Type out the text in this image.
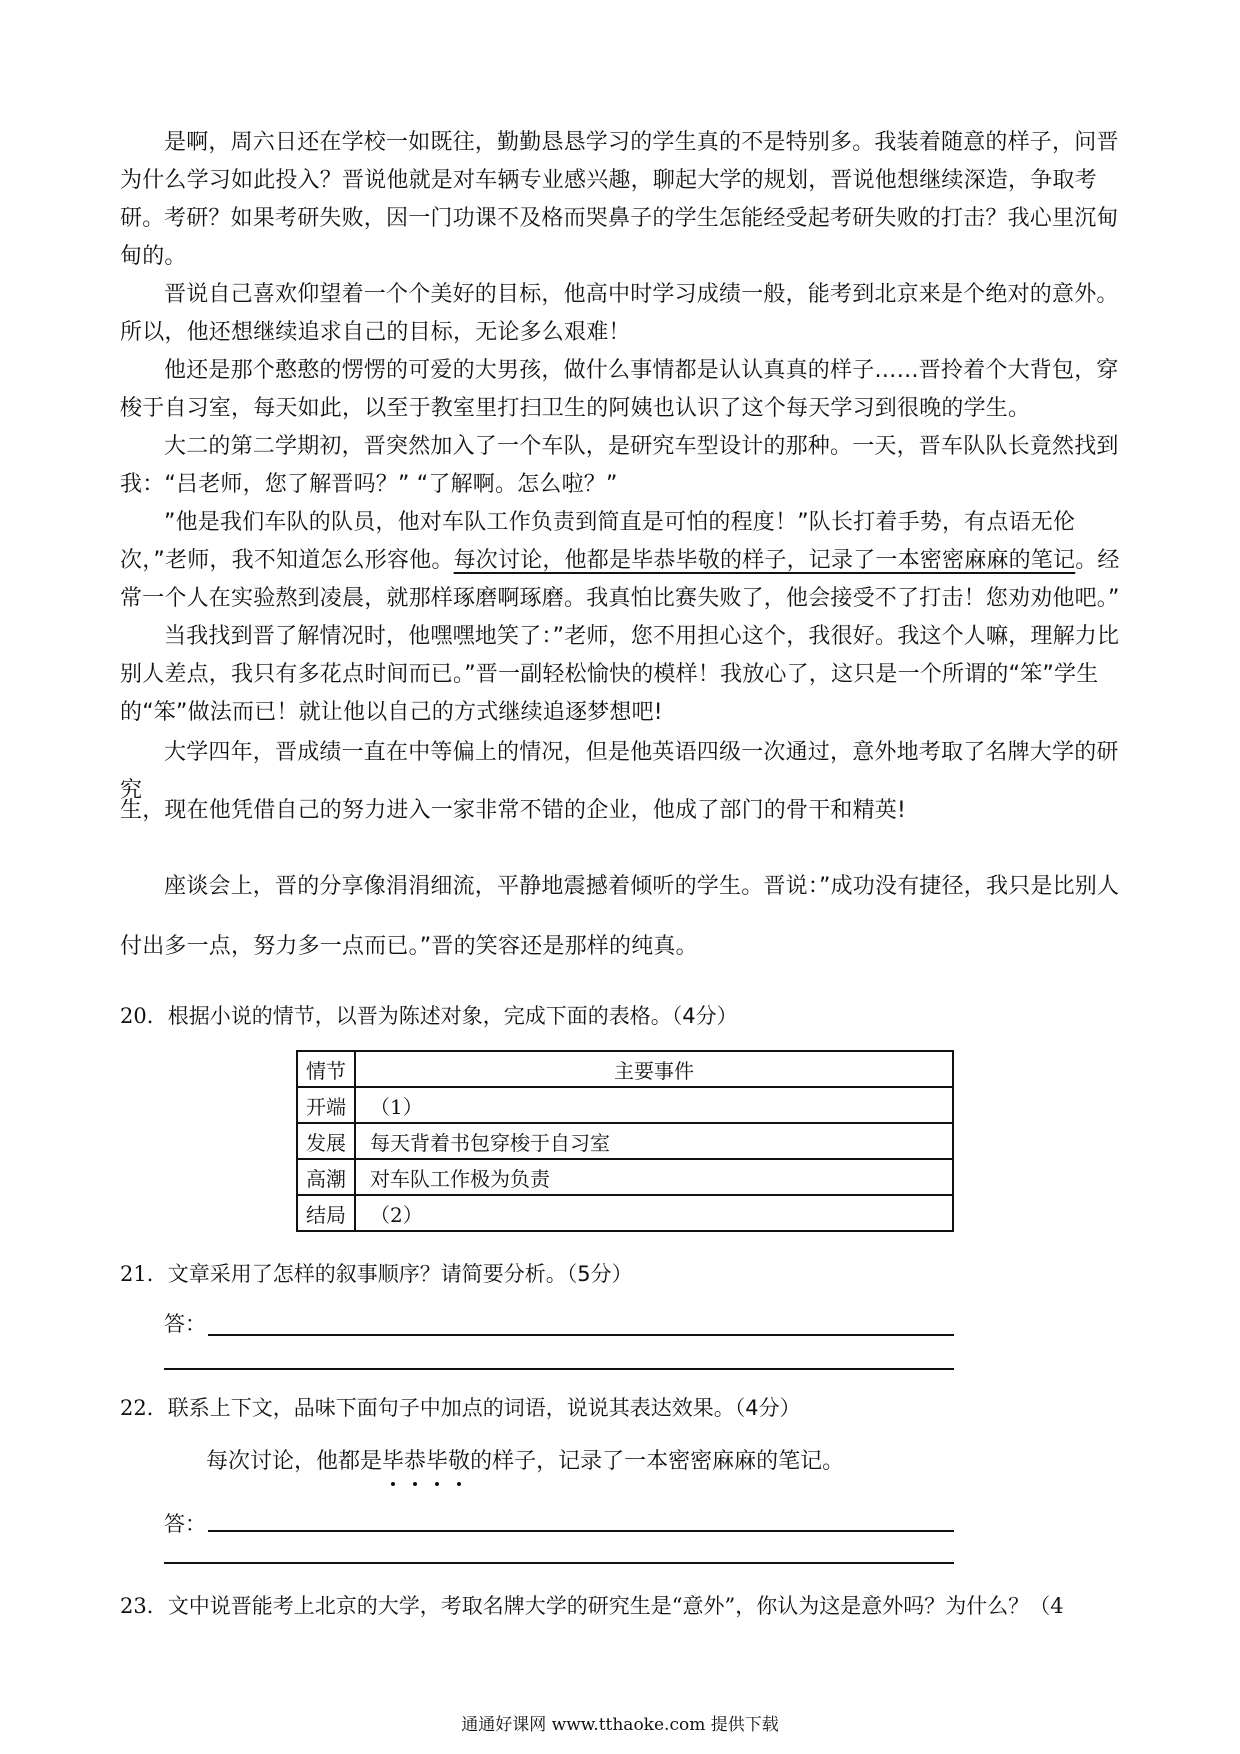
是啊，周六日还在学校一如既往，勤勤恳恳学习的学生真的不是特别多。我装着随意的样子，问晋为什么学习如此投入？晋说他就是对车辆专业感兴趣，聊起大学的规划，晋说他想继续深造，争取考研。 考研？如果考研失败，因一门功课不及格而哭鼻子的学生怎能经受起考研失败的打击？我心里沉甸甸的。

晋说自己喜欢仰望着一个个美好的目标，他高中时学习成绩一般，能考到北京来是个绝对的意外。所以，他还想继续追求自己的目标，无论多么艰难！

他还是那个憨憨的愣愣的可爱的大男孩，做什么事情都是认认真真的样子……晋拎着个大背包，穿梭于自习室，每天如此，以至于教室里打扫卫生的阿姨也认识了这个每天学习到很晚的学生。

大二的第二学期初，晋突然加入了一个车队，是研究车型设计的那种。一天，晋车队队长竟然找到我：“吕老师，您了解晋吗？” “了解啊。怎么啦？”

”他是我们车队的队员，他对车队工作负责到简直是可怕的程度！”队长打着手势，有点语无伦次，”老师，我不知道怎么形容他。每次讨论，他都是毕恭毕敬的样子，记录了一本密密麻麻的笔记。经常一个人在实验熬到凌晨，就那样琢磨啊琢磨。我真怕比赛失败了，他会接受不了打击！您劝劝他吧。”

当我找到晋了解情况时，他嘿嘿地笑了：”老师，您不用担心这个，我很好。我这个人嘛，理解力比别人差点，我只有多花点时间而已。”晋一副轻松愉快的模样！我放心了，这只是一个所谓的“笨”学生的“笨”做法而已！就让他以自己的方式继续追逐梦想吧!

大学四年，晋成绩一直在中等偏上的情况，但是他英语四级一次通过，意外地考取了名牌大学的研究

生，现在他凭借自己的努力进入一家非常不错的企业，他成了部门的骨干和精英!

座谈会上，晋的分享像涓涓细流，平静地震撼着倾听的学生。晋说：”成功没有捷径，我只是比别人

付出多一点，努力多一点而已。”晋的笑容还是那样的纯真。

20．根据小说的情节，以晋为陈述对象，完成下面的表格。（4分）

情节	主要事件
开端	（1）
发展	每天背着书包穿梭于自习室
高潮	对车队工作极为负责
结局	（2）

21．文章采用了怎样的叙事顺序？请简要分析。（5分）

答：

22．联系上下文，品味下面句子中加点的词语，说说其表达效果。（4分）

每次讨论，他都是毕恭毕敬的样子，记录了一本密密麻麻的笔记。
答：

23．文中说晋能考上北京的大学，考取名牌大学的研究生是“意外”，你认为这是意外吗？为什么？（4

通通好课网 www.tthaoke.com 提供下载
